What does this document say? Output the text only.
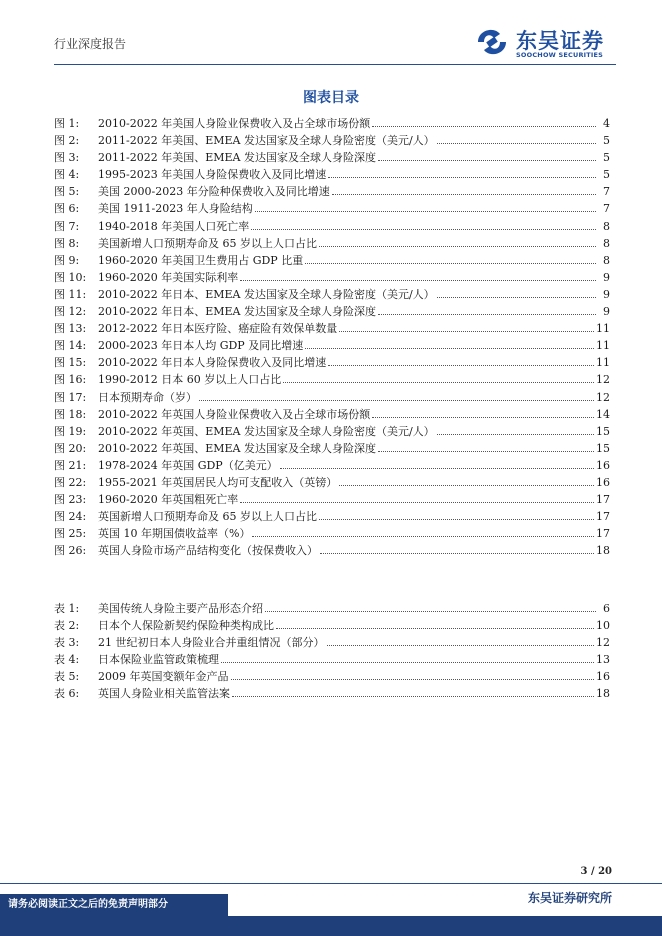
行业深度报告	东吴证券
SOOCHOW SECURITIES
图表目录
图 1:	2010-2022 年美国人身险业保费收入及占全球市场份额	4
图 2:	2011-2022 年美国、EMEA 发达国家及全球人身险密度（美元/人）	5
图 3:	2011-2022 年美国、EMEA 发达国家及全球人身险深度	5
图 4:	1995-2023 年美国人身险保费收入及同比增速	5
图 5:	美国 2000-2023 年分险种保费收入及同比增速	7
图 6:	美国 1911-2023 年人身险结构	7
图 7:	1940-2018 年美国人口死亡率	8
图 8:	美国新增人口预期寿命及 65 岁以上人口占比	8
图 9:	1960-2020 年美国卫生费用占 GDP 比重	8
图 10:	1960-2020 年美国实际利率	9
图 11:	2010-2022 年日本、EMEA 发达国家及全球人身险密度（美元/人）	9
图 12:	2010-2022 年日本、EMEA 发达国家及全球人身险深度	9
图 13:	2012-2022 年日本医疗险、癌症险有效保单数量	11
图 14:	2000-2023 年日本人均 GDP 及同比增速	11
图 15:	2010-2022 年日本人身险保费收入及同比增速	11
图 16:	1990-2012 日本 60 岁以上人口占比	12
图 17:	日本预期寿命（岁）	12
图 18:	2010-2022 年英国人身险业保费收入及占全球市场份额	14
图 19:	2010-2022 年英国、EMEA 发达国家及全球人身险密度（美元/人）	15
图 20:	2010-2022 年英国、EMEA 发达国家及全球人身险深度	15
图 21:	1978-2024 年英国 GDP（亿美元）	16
图 22:	1955-2021 年英国居民人均可支配收入（英镑）	16
图 23:	1960-2020 年英国粗死亡率	17
图 24:	英国新增人口预期寿命及 65 岁以上人口占比	17
图 25:	英国 10 年期国债收益率（%）	17
图 26:	英国人身险市场产品结构变化（按保费收入）	18
表 1:	美国传统人身险主要产品形态介绍	6
表 2:	日本个人保险新契约保险种类构成比	10
表 3:	21 世纪初日本人身险业合并重组情况（部分）	12
表 4:	日本保险业监管政策梳理	13
表 5:	2009 年英国变额年金产品	16
表 6:	英国人身险业相关监管法案	18
3 / 20
请务必阅读正文之后的免责声明部分	东吴证券研究所
